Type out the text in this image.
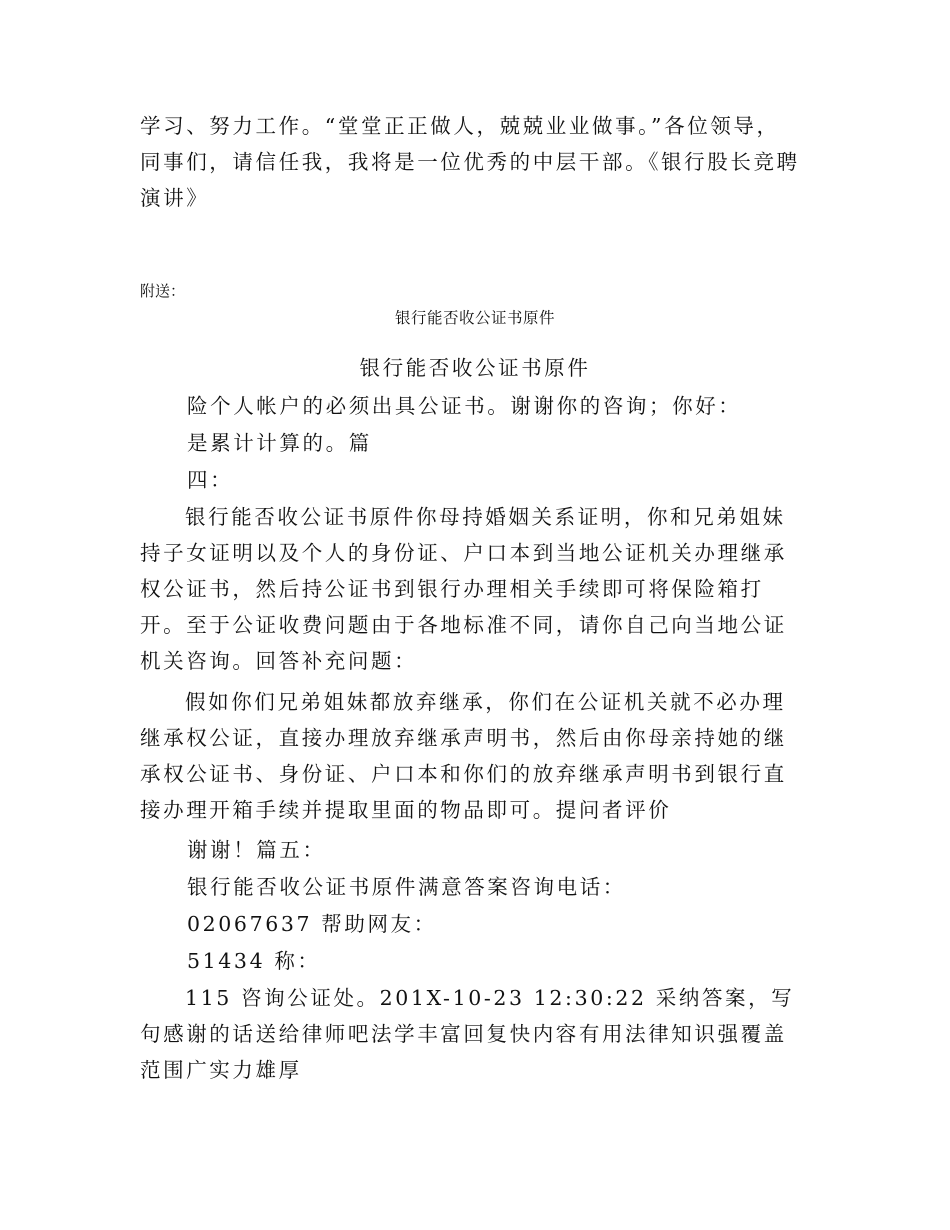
学习、努力工作。“堂堂正正做人，兢兢业业做事。”各位领导，同事们，请信任我，我将是一位优秀的中层干部。《银行股长竞聘演讲》

附送：
银行能否收公证书原件
银行能否收公证书原件
险个人帐户的必须出具公证书。谢谢你的咨询；你好：
是累计计算的。篇
四：

银行能否收公证书原件你母持婚姻关系证明，你和兄弟姐妹持子女证明以及个人的身份证、户口本到当地公证机关办理继承权公证书，然后持公证书到银行办理相关手续即可将保险箱打开。至于公证收费问题由于各地标准不同，请你自己向当地公证机关咨询。回答补充问题：

假如你们兄弟姐妹都放弃继承，你们在公证机关就不必办理继承权公证，直接办理放弃继承声明书，然后由你母亲持她的继承权公证书、身份证、户口本和你们的放弃继承声明书到银行直接办理开箱手续并提取里面的物品即可。提问者评价

谢谢！篇五：
银行能否收公证书原件满意答案咨询电话：
02067637 帮助网友：
51434 称：

115 咨询公证处。201X-10-23 12:30:22 采纳答案，写句感谢的话送给律师吧法学丰富回复快内容有用法律知识强覆盖范围广实力雄厚
